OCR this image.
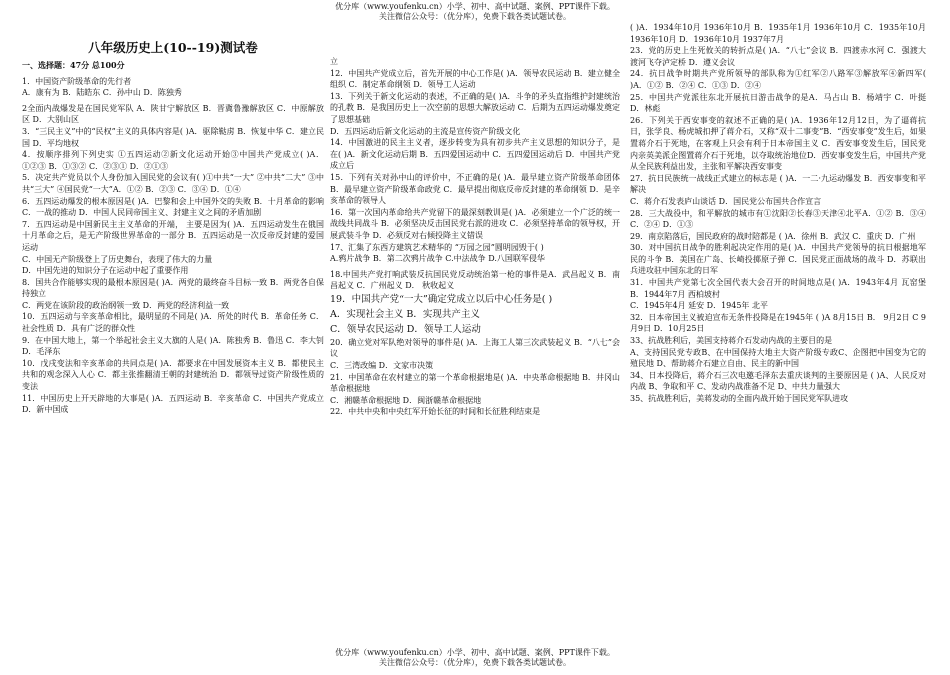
优分库（www.youfenku.cn）小学、初中、高中试题、案例、PPT课件下载。
关注微信公众号：（优分库），免费下载各类试题试卷。

八年级历史上(10--19)测试卷

一、选择题：47分 总100分

1．中国资产阶级革命的先行者

A．康有为 B．陆皓东 C．孙中山 D．陈独秀

2全面内战爆发是在国民党军队 A．陕甘宁解放区 B．晋冀鲁豫解放区 C．中原解放区 D．大别山区

3．“三民主义”中的“民权”主义的具体内容是( )A．驱除鞑虏 B．恢复中华 C．建立民国 D．平均地权

4．按顺序排列下列史实 ①五四运动②新文化运动开始③中国共产党成立( )A．①②③ B．①③② C．②③① D．②①③

5．决定共产党员以个人身份加入国民党的会议有( )①中共“一大” ②中共“二大” ③中共“三大” ④国民党“一大”A．①② B．②③ C．③④ D．①④

6．五四运动爆发的根本原因是( )A．巴黎和会上中国外交的失败 B．十月革命的影响C．一战的推动 D．中国人民同帝国主义、封建主义之间的矛盾加剧

7．五四运动是中国新民主主义革命的开端， 主要是因为( )A．五四运动发生在俄国十月革命之后，是无产阶级世界革命的一部分 B．五四运动是一次反帝反封建的爱国运动

C．中国无产阶级登上了历史舞台，表现了伟大的力量

D．中国先进的知识分子在运动中起了重要作用

8．国共合作能够实现的最根本原因是( )A．两党的最终奋斗目标一致 B．两党各自保持独立

C．两党在该阶段的政治纲领一致 D．两党的经济利益一致

10．五四运动与辛亥革命相比，最明显的不同是( )A．所处的时代 B．革命任务 C．社会性质 D．具有广泛的群众性

9．在中国大地上，第一个举起社会主义大旗的人是( )A．陈独秀 B．鲁迅 C．李大钊 D．毛泽东

10．戊戌变法和辛亥革命的共同点是( )A．都要求在中国发展资本主义 B．都使民主共和的观念深入人心 C．都主张推翻清王朝的封建统治 D．都领导过资产阶级性质的变法

11．中国历史上开天辟地的大事是( )A．五四运动 B．辛亥革命 C．中国共产党成立 D．新中国成

立

12．中国共产党成立后，首先开展的中心工作是( )A．领导农民运动 B．建立健全组织 C．制定革命纲领 D．领导工人运动

13．下列关于新文化运动的表述，不正确的是( )A．斗争的矛头直指维护封建统治的孔教 B．是我国历史上一次空前的思想大解放运动 C．后期为五四运动爆发奠定了思想基础

D．五四运动后新文化运动的主流是宣传资产阶级文化

14．中国激进的民主主义者，逐步转变为具有初步共产主义思想的知识分子，是在( )A．新文化运动后期 B．五四爱国运动中 C．五四爱国运动后 D．中国共产党成立后

15．下列有关对孙中山的评价中，不正确的是( )A．最早建立资产阶级革命团体 B．最早建立资产阶级革命政党 C．最早提出彻底反帝反封建的革命纲领 D．是辛亥革命的领导人

16．第一次国内革命给共产党留下的最深刻教训是( )A．必须建立一个广泛的统一战线共同战斗 B．必须坚决反击国民党右派的进攻 C．必须坚持革命的领导权，开展武装斗争 D．必须反对右倾投降主义错误

17、汇集了东西方建筑艺术精华的 “万园之园”圆明园毁于( )

A.鸦片战争 B．第二次鸦片战争 C.中法战争 D.八国联军侵华

18.中国共产党打响武装反抗国民党反动统治第一枪的事件是A．武昌起义 B．南昌起义 C．广州起义 D． 秋收起义

19．中国共产党“一大”确定党成立以后中心任务是( )

A．实现社会主义 B．实现共产主义

C．领导农民运动 D．领导工人运动

20．确立党对军队绝对领导的事件是( )A．上海工人第三次武装起义 B．“八七”会议

C．三湾改编 D．文家市决策

21．中国革命在农村建立的第一个革命根据地是( )A．中央革命根据地 B．井冈山革命根据地

C．湘赣革命根据地 D．闽浙赣革命根据地

22．中共中央和中央红军开始长征的时间和长征胜利结束是

( )A．1934年10月 1936年10月 B．1935年1月 1936年10月 C．1935年10月 1936年10月 D．1936年10月 1937年7月

23．党的历史上生死攸关的转折点是( )A．“八七”会议 B．四渡赤水河 C．强渡大渡河飞夺泸定桥 D．遵义会议

24．抗日战争时期共产党所领导的部队称为①红军②八路军③解放军④新四军( )A．①② B．②④ C．①③ D．②④

25．中国共产党派往东北开展抗日游击战争的是A．马占山 B．杨靖宇 C．叶挺 D．林彪

26．下列关于西安事变的叙述不正确的是( )A．1936年12月12日，为了逼蒋抗日，张学良、杨虎城扣押了蒋介石，又称“双十二事变”B．“西安事变”发生后，如果置蒋介石于死地，在客观上只会有利于日本帝国主义 C．西安事变发生后，国民党内亲英美派企图置蒋介石于死地，以夺取统治地位D．西安事变发生后，中国共产党从全民族利益出发，主张和平解决西安事变

27．抗日民族统一战线正式建立的标志是 ( )A．一二·九运动爆发 B．西安事变和平解决

C．蒋介石发表庐山谈话 D．国民党公布国共合作宣言

28．三大战役中，和平解放的城市有①沈阳②长春③天津④北平A．①② B．③④ C．②④ D．①③

29．南京陷落后，国民政府的战时陪都是 ( )A．徐州 B．武汉 C．重庆 D．广州

30．对中国抗日战争的胜利起决定作用的是( )A．中国共产党领导的抗日根据地军民的斗争 B．美国在广岛、长崎投掷原子弹 C．国民党正面战场的战斗 D．苏联出兵进攻驻中国东北的日军

31．中国共产党第七次全国代表大会召开的时间地点是( )A．1943年4月 瓦窑堡 B．1944年7月 西柏坡村

C．1945年4月 延安 D．1945年 北平

32．日本帝国主义被迫宣布无条件投降是在1945年 ( )A 8月15日 B． 9月2日 C 9月9日 D．10月25日

33、抗战胜利后，美国支持蒋介石发动内战的主要目的是

A、支持国民党专政B、在中国保持大地主大资产阶级专政C、企图把中国变为它的殖民地 D、帮助蒋介石建立自由、民主的新中国

34、日本投降后，蒋介石三次电邀毛泽东去重庆谈判的主要原因是 ( )A、人民反对内战 B、争取和平 C、发动内战准备不足 D、中共力量强大

35、抗战胜利后，美蒋发动的全面内战开始于国民党军队进攻

优分库（www.youfenku.cn）小学、初中、高中试题、案例、PPT课件下载。
关注微信公众号：（优分库），免费下载各类试题试卷。
